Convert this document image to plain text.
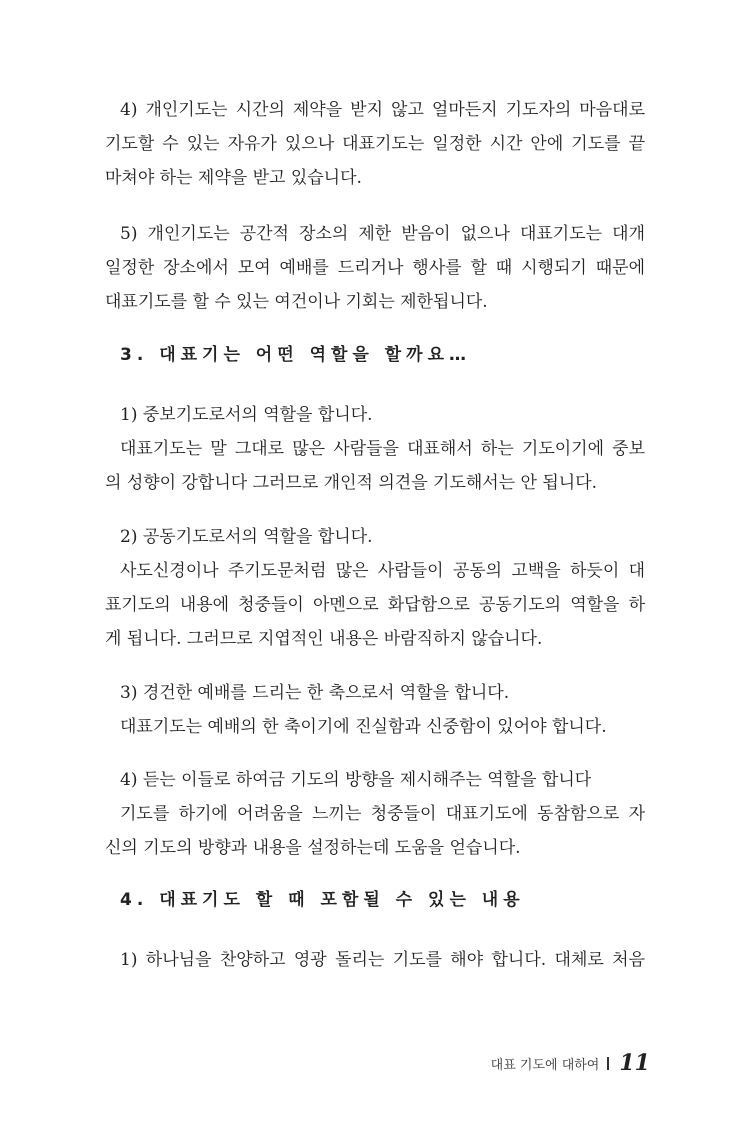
4) 개인기도는 시간의 제약을 받지 않고 얼마든지 기도자의 마음대로
기도할 수 있는 자유가 있으나 대표기도는 일정한 시간 안에 기도를 끝
마쳐야 하는 제약을 받고 있습니다.
5) 개인기도는 공간적 장소의 제한 받음이 없으나 대표기도는 대개
일정한 장소에서 모여 예배를 드리거나 행사를 할 때 시행되기 때문에
대표기도를 할 수 있는 여건이나 기회는 제한됩니다.
3. 대표기는 어떤 역할을 할까요…
1) 중보기도로서의 역할을 합니다.
대표기도는 말 그대로 많은 사람들을 대표해서 하는 기도이기에 중보
의 성향이 강합니다 그러므로 개인적 의견을 기도해서는 안 됩니다.
2) 공동기도로서의 역할을 합니다.
사도신경이나 주기도문처럼 많은 사람들이 공동의 고백을 하듯이 대
표기도의 내용에 청중들이 아멘으로 화답함으로 공동기도의 역할을 하
게 됩니다. 그러므로 지엽적인 내용은 바람직하지 않습니다.
3) 경건한 예배를 드리는 한 축으로서 역할을 합니다.
대표기도는 예배의 한 축이기에 진실함과 신중함이 있어야 합니다.
4) 듣는 이들로 하여금 기도의 방향을 제시해주는 역할을 합니다
기도를 하기에 어려움을 느끼는 청중들이 대표기도에 동참함으로 자
신의 기도의 방향과 내용을 설정하는데 도움을 얻습니다.
4. 대표기도 할 때 포함될 수 있는 내용
1) 하나님을 찬양하고 영광 돌리는 기도를 해야 합니다. 대체로 처음
대표 기도에 대하여 11
